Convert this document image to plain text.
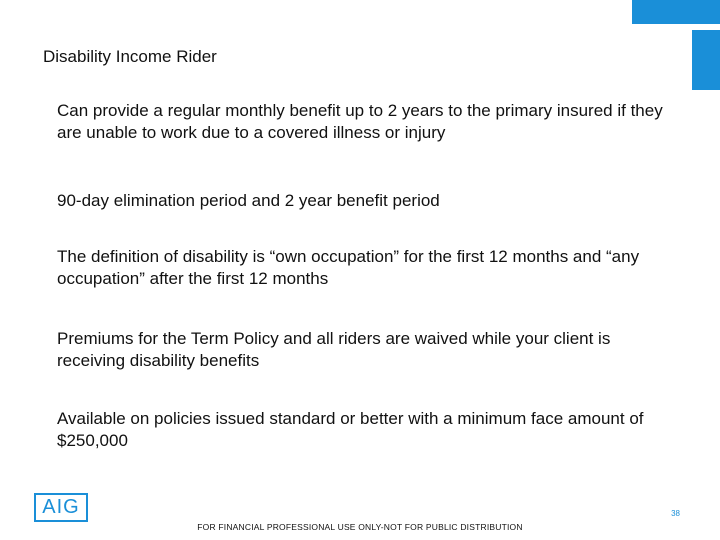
Disability Income Rider
Can provide a regular monthly benefit up to 2 years to the primary insured if they are unable to work due to a covered illness or injury
90-day elimination period and 2 year benefit period
The definition of disability is “own occupation” for the first 12 months and “any occupation” after the first 12 months
Premiums for the Term Policy and all riders are waived while your client is receiving disability benefits
Available on policies issued standard or better with a minimum face amount of $250,000
AIG	38
FOR FINANCIAL PROFESSIONAL USE ONLY-NOT FOR PUBLIC DISTRIBUTION
